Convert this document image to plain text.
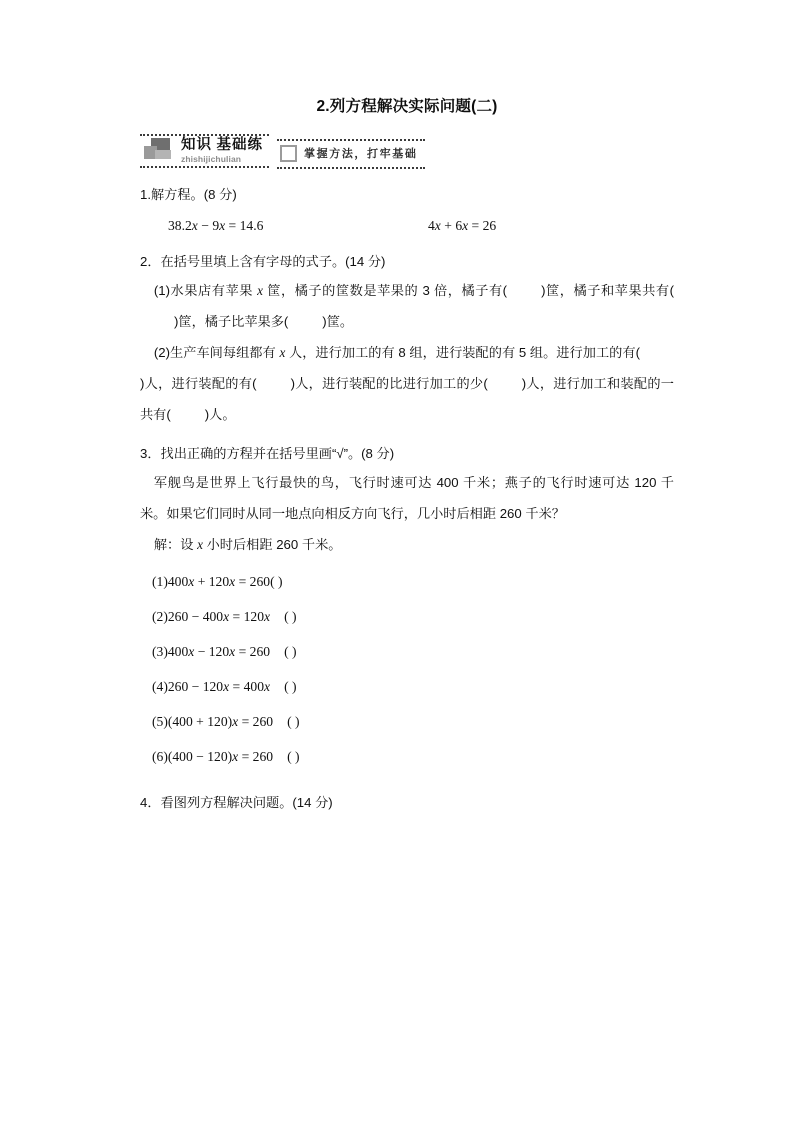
2.列方程解决实际问题(二)
知识 基础练
zhishijichulian	掌握方法，打牢基础

1.解方程。(8 分)

38.2x − 9x = 14.6	4x + 6x = 26

2．在括号里填上含有字母的式子。(14 分)

(1)水果店有苹果 x 筐，橘子的筐数是苹果的 3 倍，橘子有(	)筐，橘子和苹果共有()筐，橘子比苹果多(	)筐。

(2)生产车间每组都有 x 人，进行加工的有 8 组，进行装配的有 5 组。进行加工的有()人，进行装配的有(	)人，进行装配的比进行加工的少(	)人，进行加工和装配的一共有(	)人。

3．找出正确的方程并在括号里画“√”。(8 分)

军舰鸟是世界上飞行最快的鸟，飞行时速可达 400 千米；燕子的飞行时速可达 120 千米。如果它们同时从同一地点向相反方向飞行，几小时后相距 260 千米？

解：设 x 小时后相距 260 千米。

(1)400x + 120x = 260( )
(2)260 − 400x = 120x ( )
(3)400x − 120x = 260 ( )
(4)260 − 120x = 400x ( )
(5)(400 + 120)x = 260 ( )
(6)(400 − 120)x = 260 ( )

4．看图列方程解决问题。(14 分)
